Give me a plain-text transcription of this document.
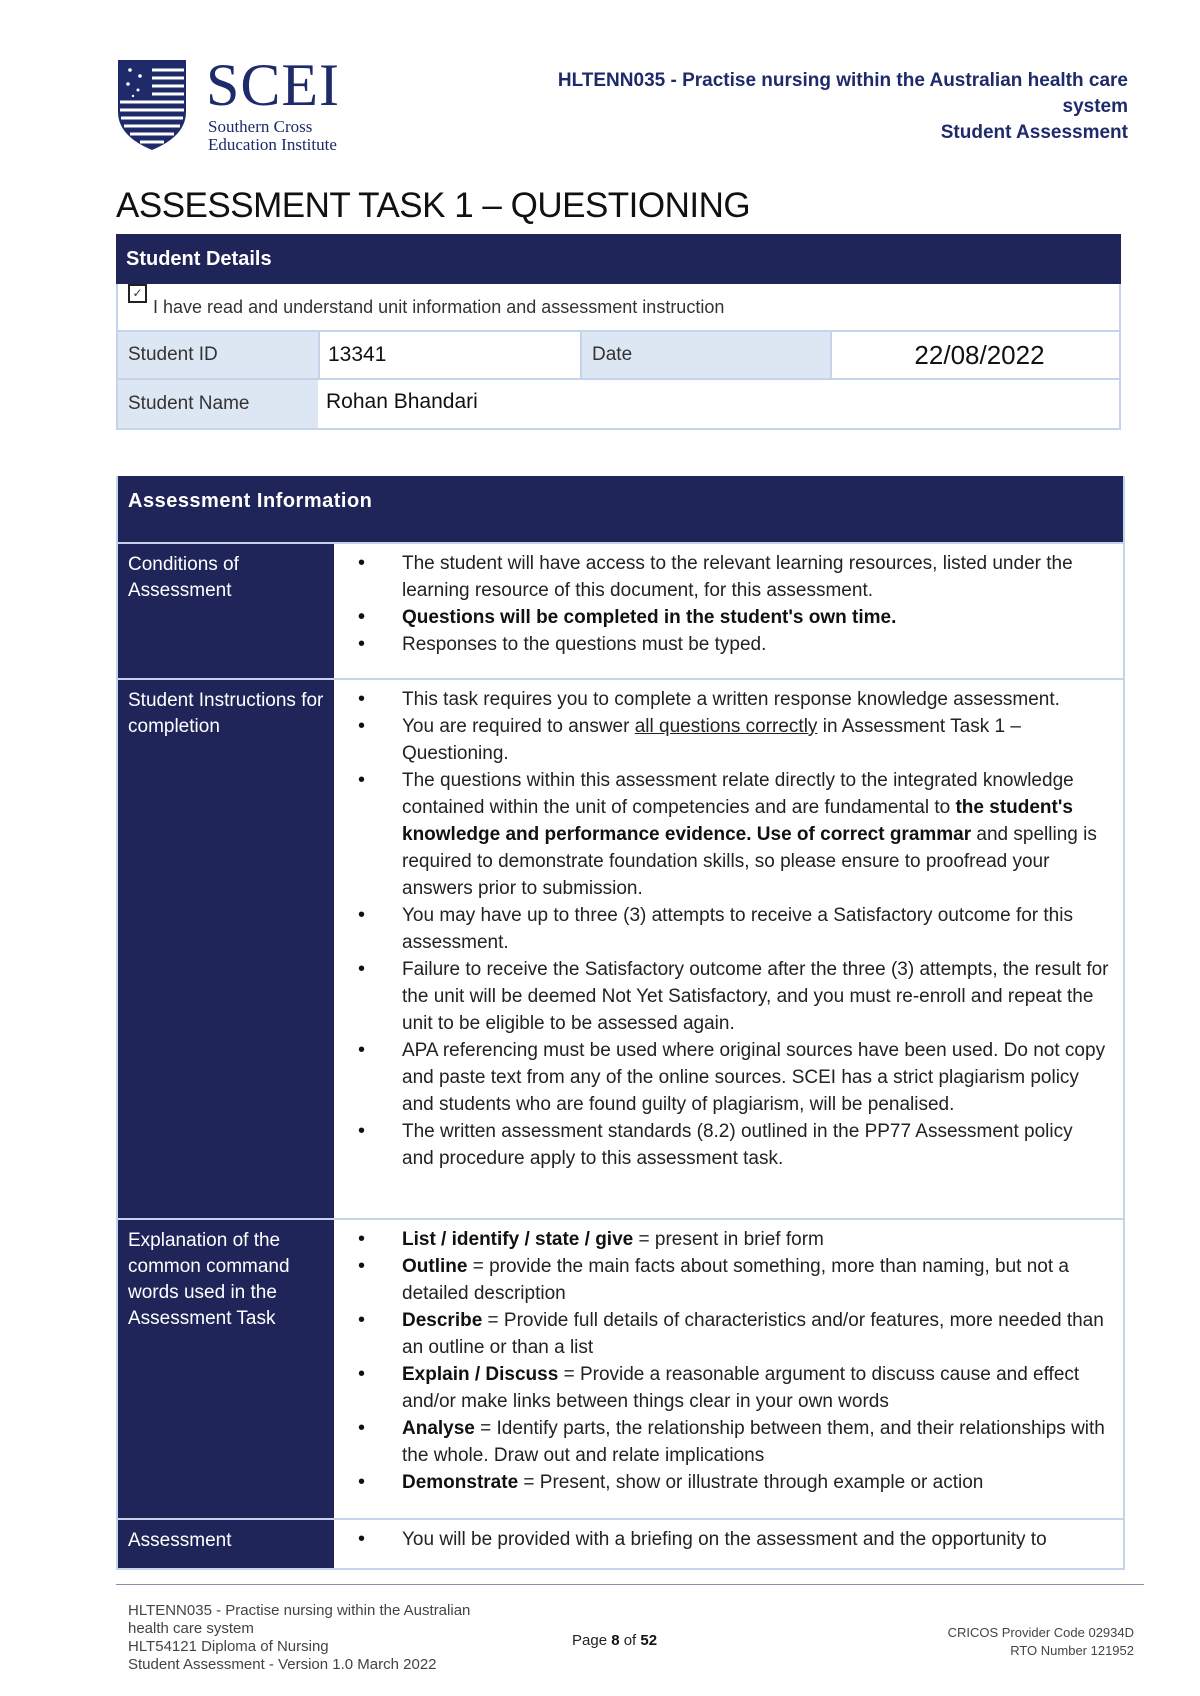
SCEI
Southern Cross
Education Institute
HLTENN035 - Practise nursing within the Australian health care
system
Student Assessment
ASSESSMENT TASK 1 – QUESTIONING
Student Details
✓
I have read and understand unit information and assessment instruction
Student ID	13341	Date	22/08/2022
Student Name	Rohan Bhandari
Assessment Information
Conditions of Assessment
• The student will have access to the relevant learning resources, listed under the learning resource of this document, for this assessment.
• Questions will be completed in the student's own time.
• Responses to the questions must be typed.
Student Instructions for completion
• This task requires you to complete a written response knowledge assessment.
• You are required to answer all questions correctly in Assessment Task 1 – Questioning.
• The questions within this assessment relate directly to the integrated knowledge contained within the unit of competencies and are fundamental to the student's knowledge and performance evidence. Use of correct grammar and spelling is required to demonstrate foundation skills, so please ensure to proofread your answers prior to submission.
• You may have up to three (3) attempts to receive a Satisfactory outcome for this assessment.
• Failure to receive the Satisfactory outcome after the three (3) attempts, the result for the unit will be deemed Not Yet Satisfactory, and you must re-enroll and repeat the unit to be eligible to be assessed again.
• APA referencing must be used where original sources have been used. Do not copy and paste text from any of the online sources. SCEI has a strict plagiarism policy and students who are found guilty of plagiarism, will be penalised.
• The written assessment standards (8.2) outlined in the PP77 Assessment policy and procedure apply to this assessment task.
Explanation of the common command words used in the Assessment Task
• List / identify / state / give = present in brief form
• Outline = provide the main facts about something, more than naming, but not a detailed description
• Describe = Provide full details of characteristics and/or features, more needed than an outline or than a list
• Explain / Discuss = Provide a reasonable argument to discuss cause and effect and/or make links between things clear in your own words
• Analyse = Identify parts, the relationship between them, and their relationships with the whole. Draw out and relate implications
• Demonstrate = Present, show or illustrate through example or action
Assessment
•	You will be provided with a briefing on the assessment and the opportunity to
HLTENN035 - Practise nursing within the Australian
health care system
HLT54121 Diploma of Nursing
Student Assessment - Version 1.0 March 2022
Page 8 of 52	CRICOS Provider Code 02934D
RTO Number 121952
